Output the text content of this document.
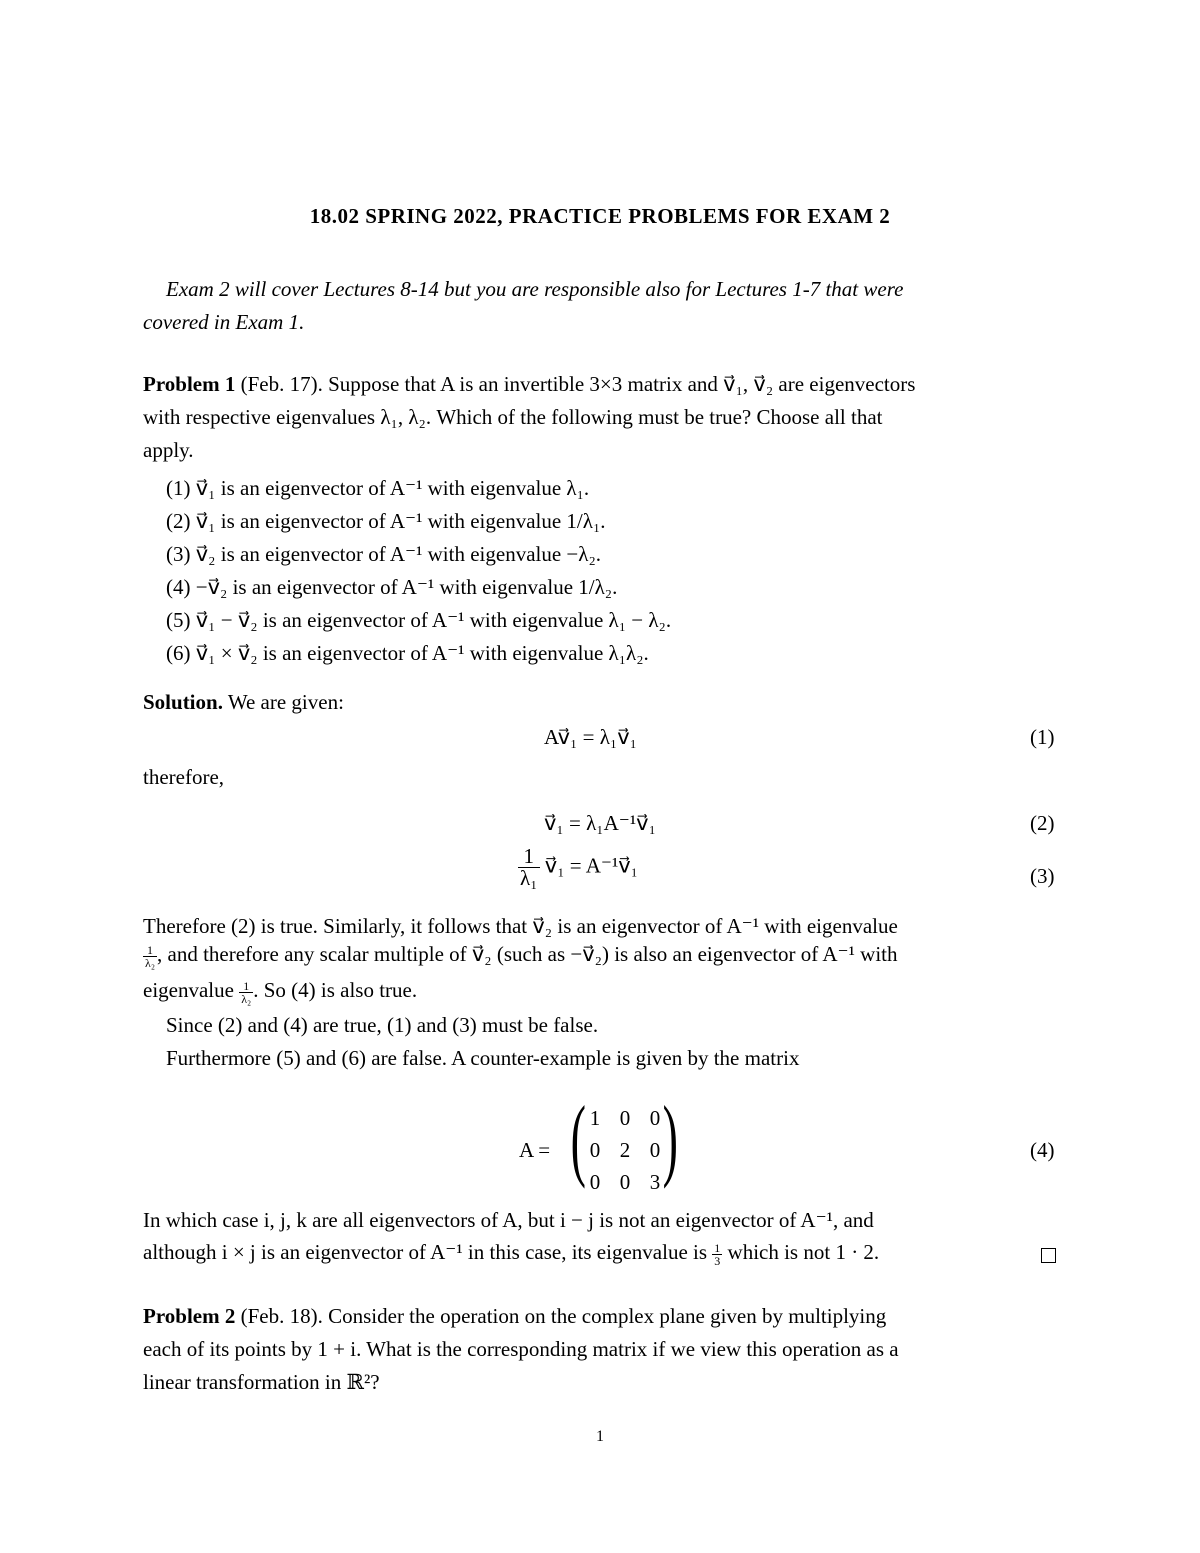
18.02 SPRING 2022, PRACTICE PROBLEMS FOR EXAM 2
Exam 2 will cover Lectures 8-14 but you are responsible also for Lectures 1-7 that were
covered in Exam 1.
Problem 1 (Feb. 17). Suppose that A is an invertible 3×3 matrix and v⃗₁, v⃗₂ are eigenvectors
with respective eigenvalues λ₁, λ₂. Which of the following must be true? Choose all that
apply.
(1) v⃗₁ is an eigenvector of A⁻¹ with eigenvalue λ₁.
(2) v⃗₁ is an eigenvector of A⁻¹ with eigenvalue 1/λ₁.
(3) v⃗₂ is an eigenvector of A⁻¹ with eigenvalue −λ₂.
(4) −v⃗₂ is an eigenvector of A⁻¹ with eigenvalue 1/λ₂.
(5) v⃗₁ − v⃗₂ is an eigenvector of A⁻¹ with eigenvalue λ₁ − λ₂.
(6) v⃗₁ × v⃗₂ is an eigenvector of A⁻¹ with eigenvalue λ₁λ₂.
Solution. We are given:
Av⃗₁ = λ₁v⃗₁	(1)
therefore,
v⃗₁ = λ₁A⁻¹v⃗₁	(2)
$\frac{1}{\text{λ₁}}$ v⃗₁ = A⁻¹v⃗₁	(3)
Therefore (2) is true. Similarly, it follows that v⃗₂ is an eigenvector of A⁻¹ with eigenvalue
$\frac{1}{\text{λ₂}}$ , and therefore any scalar multiple of v⃗₂ (such as −v⃗₂) is also an eigenvector of A⁻¹ with
eigenvalue $\frac{1}{\text{λ₂}}$ . So (4) is also true.
Since (2) and (4) are true, (1) and (3) must be false.
Furthermore (5) and (6) are false. A counter-example is given by the matrix
A = ( 1 0 0
0 2 0
0 0 3 )	(4)
In which case i, j, k are all eigenvectors of A, but i − j is not an eigenvector of A⁻¹, and
although i × j is an eigenvector of A⁻¹ in this case, its eigenvalue is $\frac{1}{3}$ which is not 1 · 2.
Problem 2 (Feb. 18). Consider the operation on the complex plane given by multiplying
each of its points by 1 + i. What is the corresponding matrix if we view this operation as a
linear transformation in ℝ²?
1
